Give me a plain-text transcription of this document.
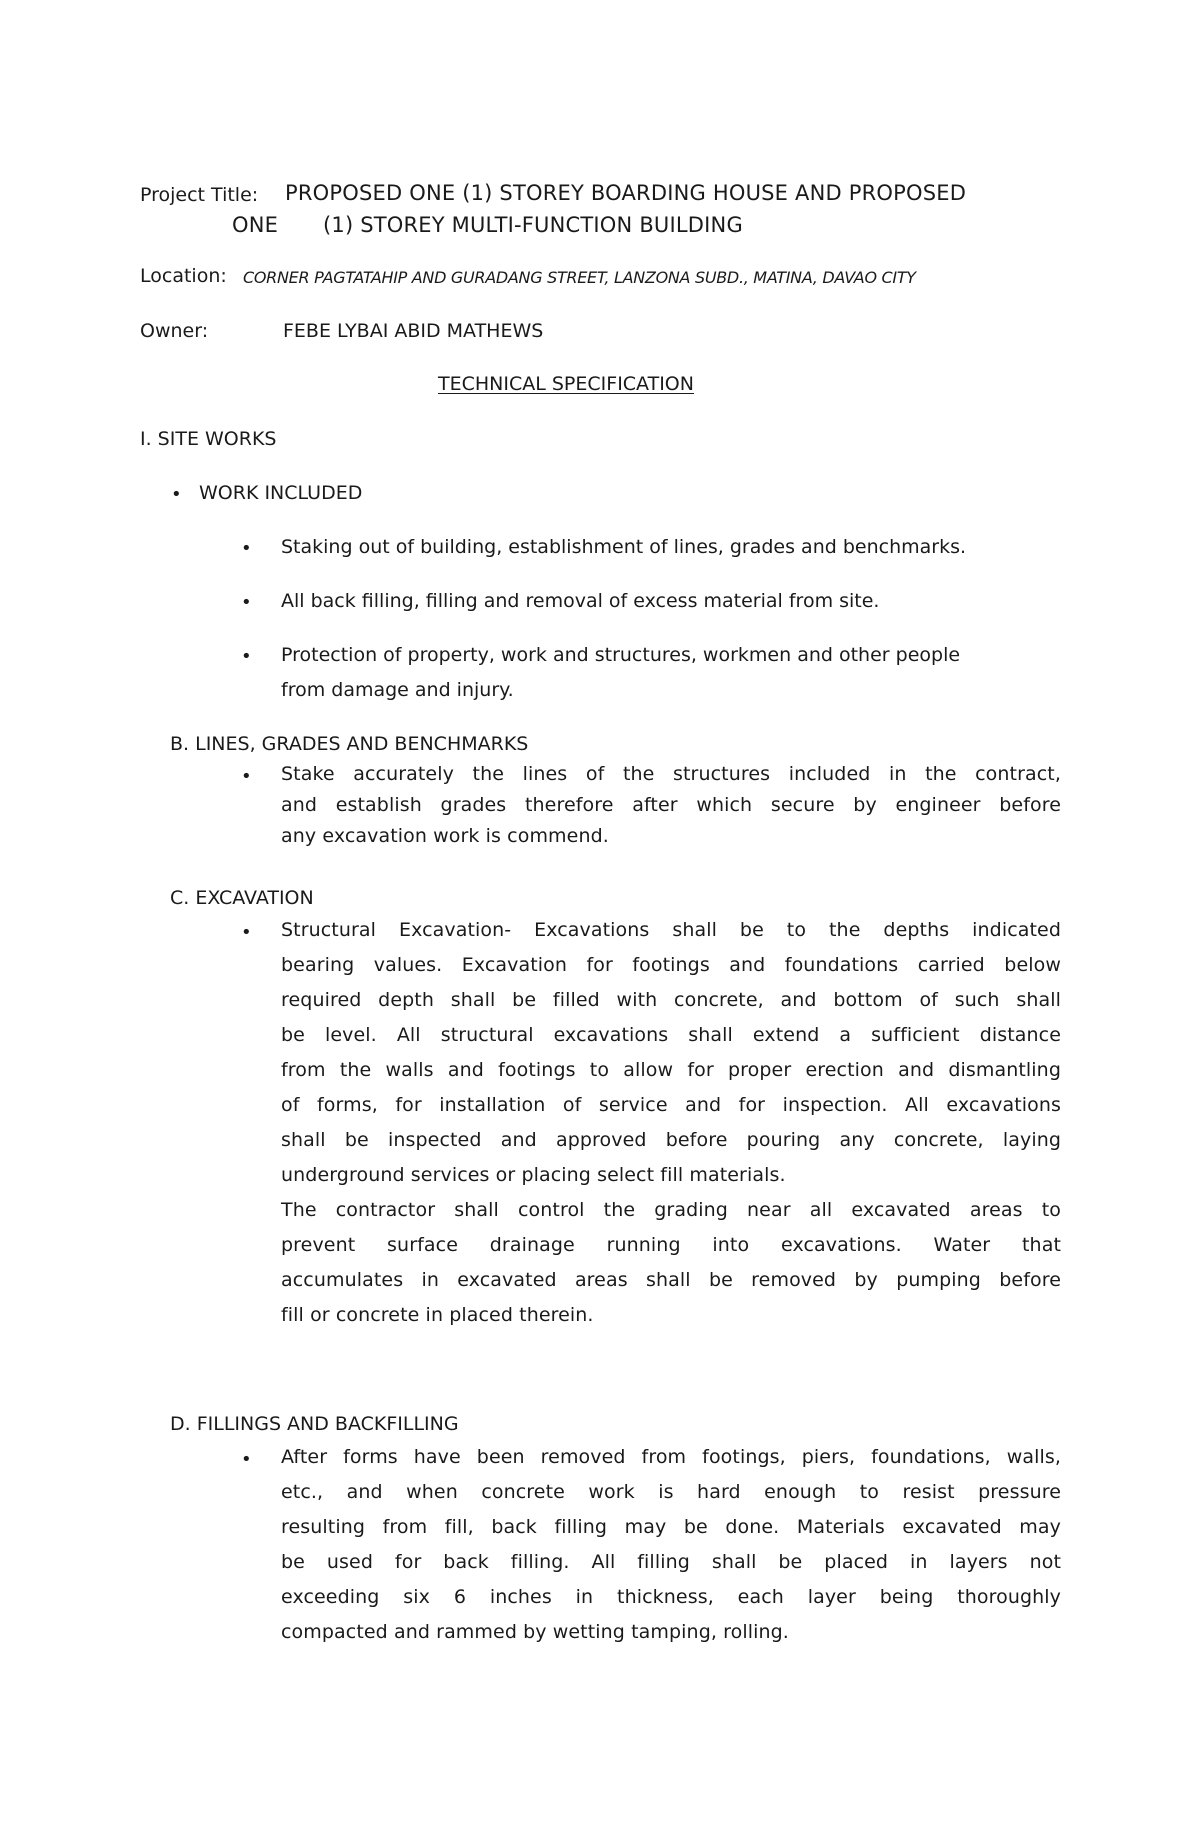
Project Title: PROPOSED ONE (1) STOREY BOARDING HOUSE AND PROPOSED
ONE (1) STOREY MULTI-FUNCTION BUILDING
Location: CORNER PAGTATAHIP AND GURADANG STREET, LANZONA SUBD., MATINA, DAVAO CITY
Owner:	FEBE LYBAI ABID MATHEWS
TECHNICAL SPECIFICATION
I. SITE WORKS
• WORK INCLUDED
• Staking out of building, establishment of lines, grades and benchmarks.
• All back filling, filling and removal of excess material from site.
• Protection of property, work and structures, workmen and other people
from damage and injury.
B. LINES, GRADES AND BENCHMARKS
• Stake accurately the lines of the structures included in the contract,
and establish grades therefore after which secure by engineer before
any excavation work is commend.
C. EXCAVATION
• Structural Excavation- Excavations shall be to the depths indicated
bearing values. Excavation for footings and foundations carried below
required depth shall be filled with concrete, and bottom of such shall
be level. All structural excavations shall extend a sufficient distance
from the walls and footings to allow for proper erection and dismantling
of forms, for installation of service and for inspection. All excavations
shall be inspected and approved before pouring any concrete, laying
underground services or placing select fill materials.
The contractor shall control the grading near all excavated areas to
prevent surface drainage running into excavations. Water that
accumulates in excavated areas shall be removed by pumping before
fill or concrete in placed therein.
D. FILLINGS AND BACKFILLING
• After forms have been removed from footings, piers, foundations, walls,
etc., and when concrete work is hard enough to resist pressure
resulting from fill, back filling may be done. Materials excavated may
be used for back filling. All filling shall be placed in layers not
exceeding six 6 inches in thickness, each layer being thoroughly
compacted and rammed by wetting tamping, rolling.
